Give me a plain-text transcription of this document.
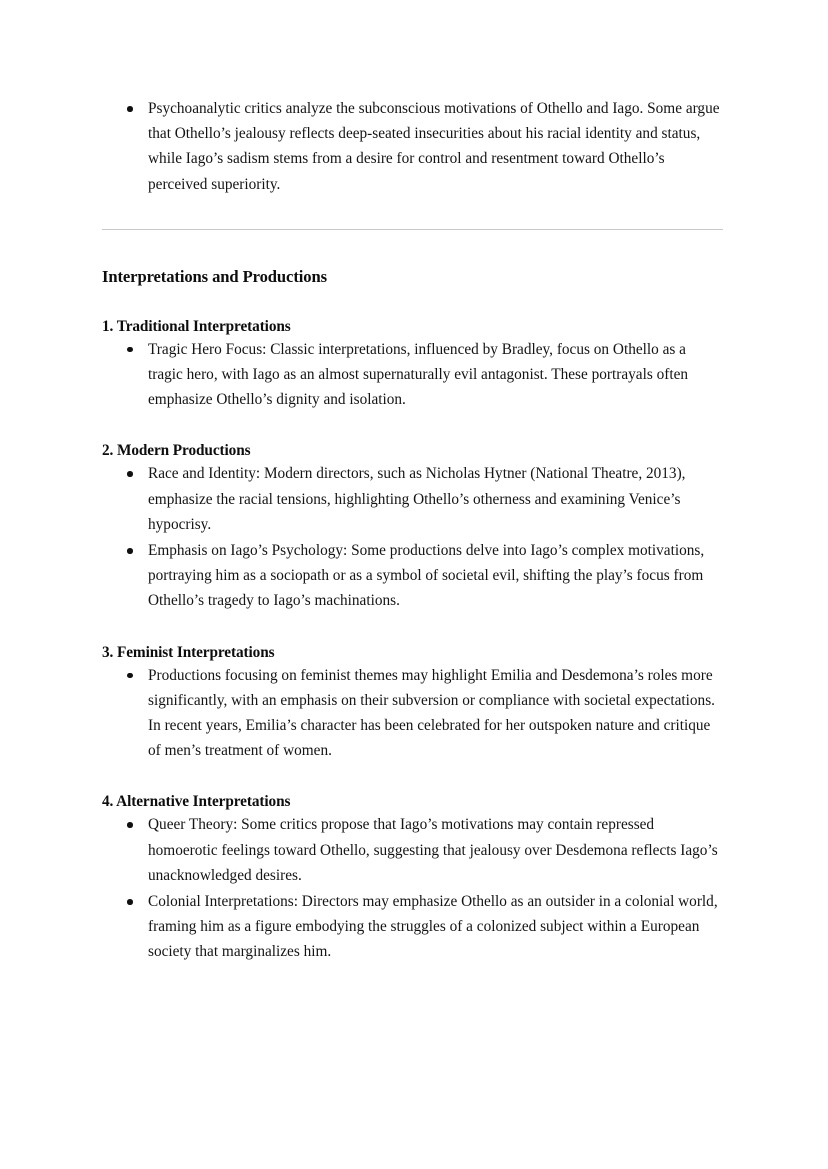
Psychoanalytic critics analyze the subconscious motivations of Othello and Iago. Some argue that Othello’s jealousy reflects deep-seated insecurities about his racial identity and status, while Iago’s sadism stems from a desire for control and resentment toward Othello’s perceived superiority.
Interpretations and Productions
1. Traditional Interpretations
Tragic Hero Focus: Classic interpretations, influenced by Bradley, focus on Othello as a tragic hero, with Iago as an almost supernaturally evil antagonist. These portrayals often emphasize Othello’s dignity and isolation.
2. Modern Productions
Race and Identity: Modern directors, such as Nicholas Hytner (National Theatre, 2013), emphasize the racial tensions, highlighting Othello’s otherness and examining Venice’s hypocrisy.
Emphasis on Iago’s Psychology: Some productions delve into Iago’s complex motivations, portraying him as a sociopath or as a symbol of societal evil, shifting the play’s focus from Othello’s tragedy to Iago’s machinations.
3. Feminist Interpretations
Productions focusing on feminist themes may highlight Emilia and Desdemona’s roles more significantly, with an emphasis on their subversion or compliance with societal expectations. In recent years, Emilia’s character has been celebrated for her outspoken nature and critique of men’s treatment of women.
4. Alternative Interpretations
Queer Theory: Some critics propose that Iago’s motivations may contain repressed homoerotic feelings toward Othello, suggesting that jealousy over Desdemona reflects Iago’s unacknowledged desires.
Colonial Interpretations: Directors may emphasize Othello as an outsider in a colonial world, framing him as a figure embodying the struggles of a colonized subject within a European society that marginalizes him.
